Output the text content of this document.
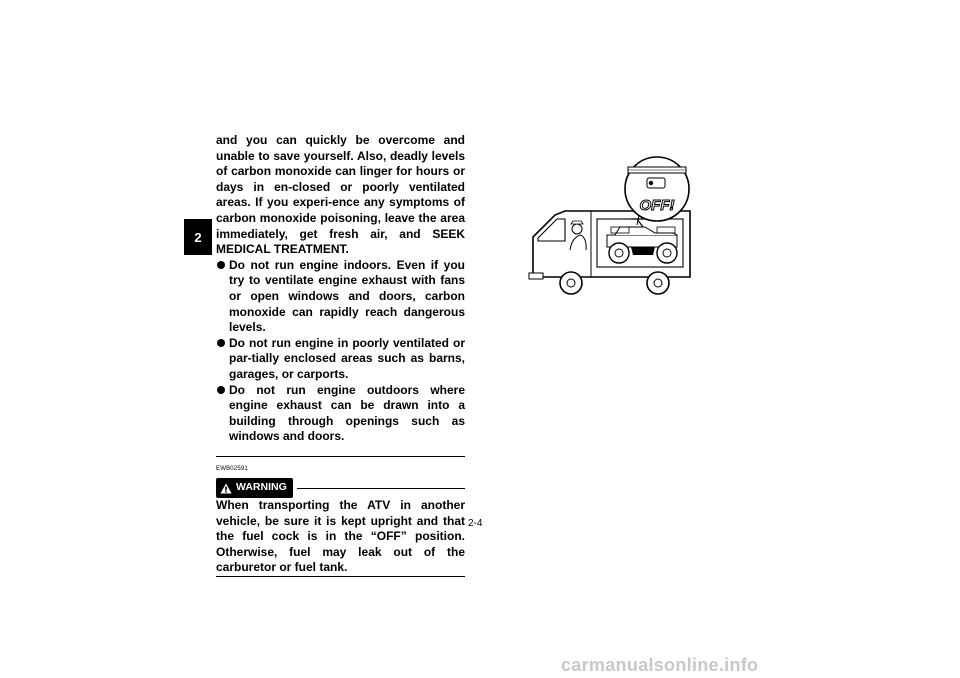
2

and you can quickly be overcome and unable to save yourself. Also, deadly levels of carbon monoxide can linger for hours or days in en-closed or poorly ventilated areas. If you experi-ence any symptoms of carbon monoxide poisoning, leave the area immediately, get fresh air, and SEEK MEDICAL TREATMENT.

Do not run engine indoors. Even if you try to ventilate engine exhaust with fans or open windows and doors, carbon monoxide can rapidly reach dangerous levels.
Do not run engine in poorly ventilated or par-tially enclosed areas such as barns, garages, or carports.
Do not run engine outdoors where engine exhaust can be drawn into a building through openings such as windows and doors.
EWB02591
WARNING

When transporting the ATV in another vehicle, be sure it is kept upright and that the fuel cock is in the “OFF” position. Otherwise, fuel may leak out of the carburetor or fuel tank.

2-4
OFF!
carmanualsonline.info
